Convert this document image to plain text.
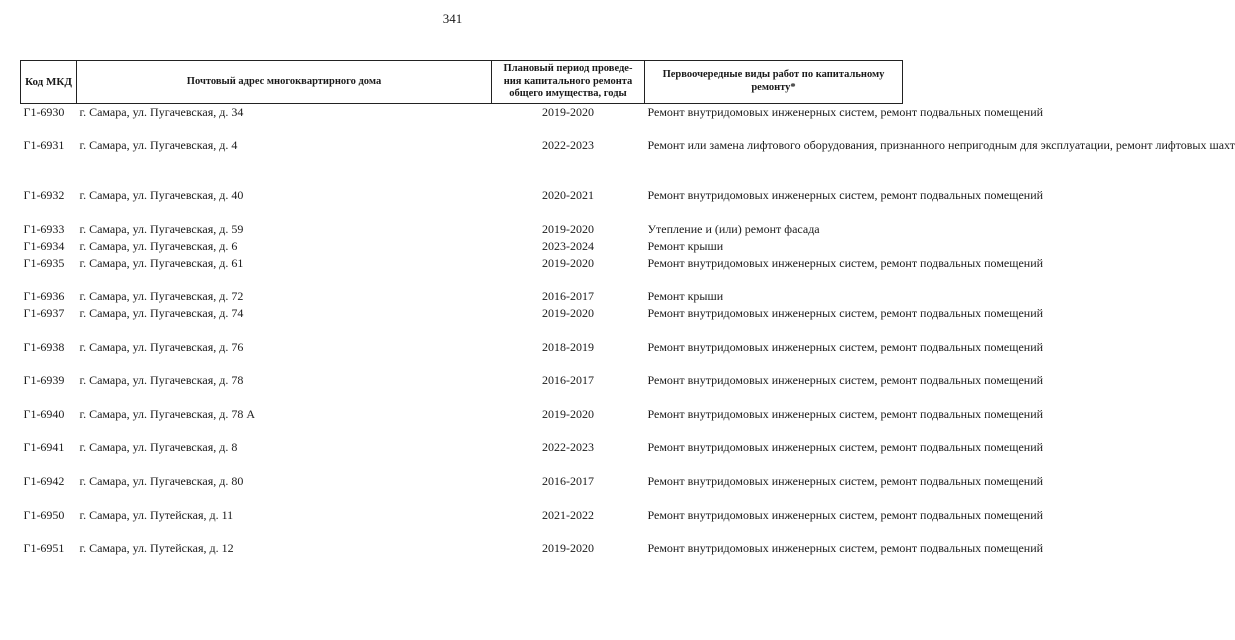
341
Код МКД	Почтовый адрес многоквартирного дома	Плановый период проведе-ния капитального ремонта общего имущества, годы	Первоочередные виды работ по капитальному ремонту*
Г1-6930	г. Самара, ул. Пугачевская, д. 34	2019-2020	Ремонт внутридомовых инженерных систем, ремонт подвальных помещений
Г1-6931	г. Самара, ул. Пугачевская, д. 4	2022-2023	Ремонт или замена лифтового оборудования, признанного непригодным для эксплуатации, ремонт лифтовых шахт
Г1-6932	г. Самара, ул. Пугачевская, д. 40	2020-2021	Ремонт внутридомовых инженерных систем, ремонт подвальных помещений
Г1-6933	г. Самара, ул. Пугачевская, д. 59	2019-2020	Утепление и (или) ремонт фасада
Г1-6934	г. Самара, ул. Пугачевская, д. 6	2023-2024	Ремонт крыши
Г1-6935	г. Самара, ул. Пугачевская, д. 61	2019-2020	Ремонт внутридомовых инженерных систем, ремонт подвальных помещений
Г1-6936	г. Самара, ул. Пугачевская, д. 72	2016-2017	Ремонт крыши
Г1-6937	г. Самара, ул. Пугачевская, д. 74	2019-2020	Ремонт внутридомовых инженерных систем, ремонт подвальных помещений
Г1-6938	г. Самара, ул. Пугачевская, д. 76	2018-2019	Ремонт внутридомовых инженерных систем, ремонт подвальных помещений
Г1-6939	г. Самара, ул. Пугачевская, д. 78	2016-2017	Ремонт внутридомовых инженерных систем, ремонт подвальных помещений
Г1-6940	г. Самара, ул. Пугачевская, д. 78 А	2019-2020	Ремонт внутридомовых инженерных систем, ремонт подвальных помещений
Г1-6941	г. Самара, ул. Пугачевская, д. 8	2022-2023	Ремонт внутридомовых инженерных систем, ремонт подвальных помещений
Г1-6942	г. Самара, ул. Пугачевская, д. 80	2016-2017	Ремонт внутридомовых инженерных систем, ремонт подвальных помещений
Г1-6950	г. Самара, ул. Путейская, д. 11	2021-2022	Ремонт внутридомовых инженерных систем, ремонт подвальных помещений
Г1-6951	г. Самара, ул. Путейская, д. 12	2019-2020	Ремонт внутридомовых инженерных систем, ремонт подвальных помещений
